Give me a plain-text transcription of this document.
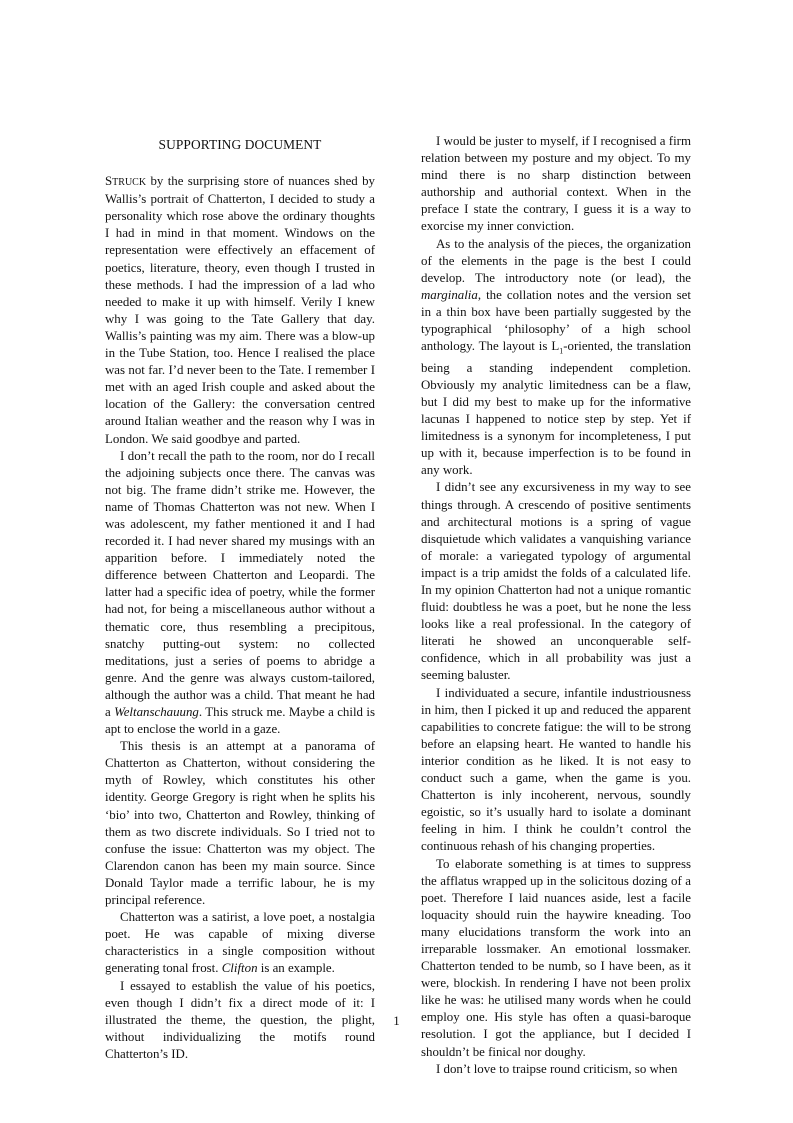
SUPPORTING DOCUMENT

STRUCK by the surprising store of nuances shed by Wallis’s portrait of Chatterton, I decided to study a personality which rose above the ordinary thoughts I had in mind in that moment. Windows on the representation were effectively an effacement of poetics, literature, theory, even though I trusted in these methods. I had the impression of a lad who needed to make it up with himself. Verily I knew why I was going to the Tate Gallery that day. Wallis’s painting was my aim. There was a blow-up in the Tube Station, too. Hence I realised the place was not far. I’d never been to the Tate. I remember I met with an aged Irish couple and asked about the location of the Gallery: the conversation centred around Italian weather and the reason why I was in London. We said goodbye and parted.

I don’t recall the path to the room, nor do I recall the adjoining subjects once there. The canvas was not big. The frame didn’t strike me. However, the name of Thomas Chatterton was not new. When I was adolescent, my father mentioned it and I had recorded it. I had never shared my musings with an apparition before. I immediately noted the difference between Chatterton and Leopardi. The latter had a specific idea of poetry, while the former had not, for being a miscellaneous author without a thematic core, thus resembling a precipitous, snatchy putting-out system: no collected meditations, just a series of poems to abridge a genre. And the genre was always custom-tailored, although the author was a child. That meant he had a Weltanschauung. This struck me. Maybe a child is apt to enclose the world in a gaze.

This thesis is an attempt at a panorama of Chatterton as Chatterton, without considering the myth of Rowley, which constitutes his other identity. George Gregory is right when he splits his ‘bio’ into two, Chatterton and Rowley, thinking of them as two discrete individuals. So I tried not to confuse the issue: Chatterton was my object. The Clarendon canon has been my main source. Since Donald Taylor made a terrific labour, he is my principal reference.

Chatterton was a satirist, a love poet, a nostalgia poet. He was capable of mixing diverse characteristics in a single composition without generating tonal frost. Clifton is an example.

I essayed to establish the value of his poetics, even though I didn’t fix a direct mode of it: I illustrated the theme, the question, the plight, without individualizing the motifs round Chatterton’s ID.

I would be juster to myself, if I recognised a firm relation between my posture and my object. To my mind there is no sharp distinction between authorship and authorial context. When in the preface I state the contrary, I guess it is a way to exorcise my inner conviction.

As to the analysis of the pieces, the organization of the elements in the page is the best I could develop. The introductory note (or lead), the marginalia, the collation notes and the version set in a thin box have been partially suggested by the typographical ‘philosophy’ of a high school anthology. The layout is $L_1$-oriented, the translation being a standing independent completion. Obviously my analytic limitedness can be a flaw, but I did my best to make up for the informative lacunas I happened to notice step by step. Yet if limitedness is a synonym for incompleteness, I put up with it, because imperfection is to be found in any work.

I didn’t see any excursiveness in my way to see things through. A crescendo of positive sentiments and architectural motions is a spring of vague disquietude which validates a vanquishing variance of morale: a variegated typology of argumental impact is a trip amidst the folds of a calculated life. In my opinion Chatterton had not a unique romantic fluid: doubtless he was a poet, but he none the less looks like a real professional. In the category of literati he showed an unconquerable self-confidence, which in all probability was just a seeming baluster.

I individuated a secure, infantile industriousness in him, then I picked it up and reduced the apparent capabilities to concrete fatigue: the will to be strong before an elapsing heart. He wanted to handle his interior condition as he liked. It is not easy to conduct such a game, when the game is you. Chatterton is inly incoherent, nervous, soundly egoistic, so it’s usually hard to isolate a dominant feeling in him. I think he couldn’t control the continuous rehash of his changing properties.

To elaborate something is at times to suppress the afflatus wrapped up in the solicitous dozing of a poet. Therefore I laid nuances aside, lest a facile loquacity should ruin the haywire kneading. Too many elucidations transform the work into an irreparable lossmaker. An emotional lossmaker. Chatterton tended to be numb, so I have been, as it were, blockish. In rendering I have not been prolix like he was: he utilised many words when he could employ one. His style has often a quasi-baroque resolution. I got the appliance, but I decided I shouldn’t be finical nor doughy.

I don’t love to traipse round criticism, so when

1
